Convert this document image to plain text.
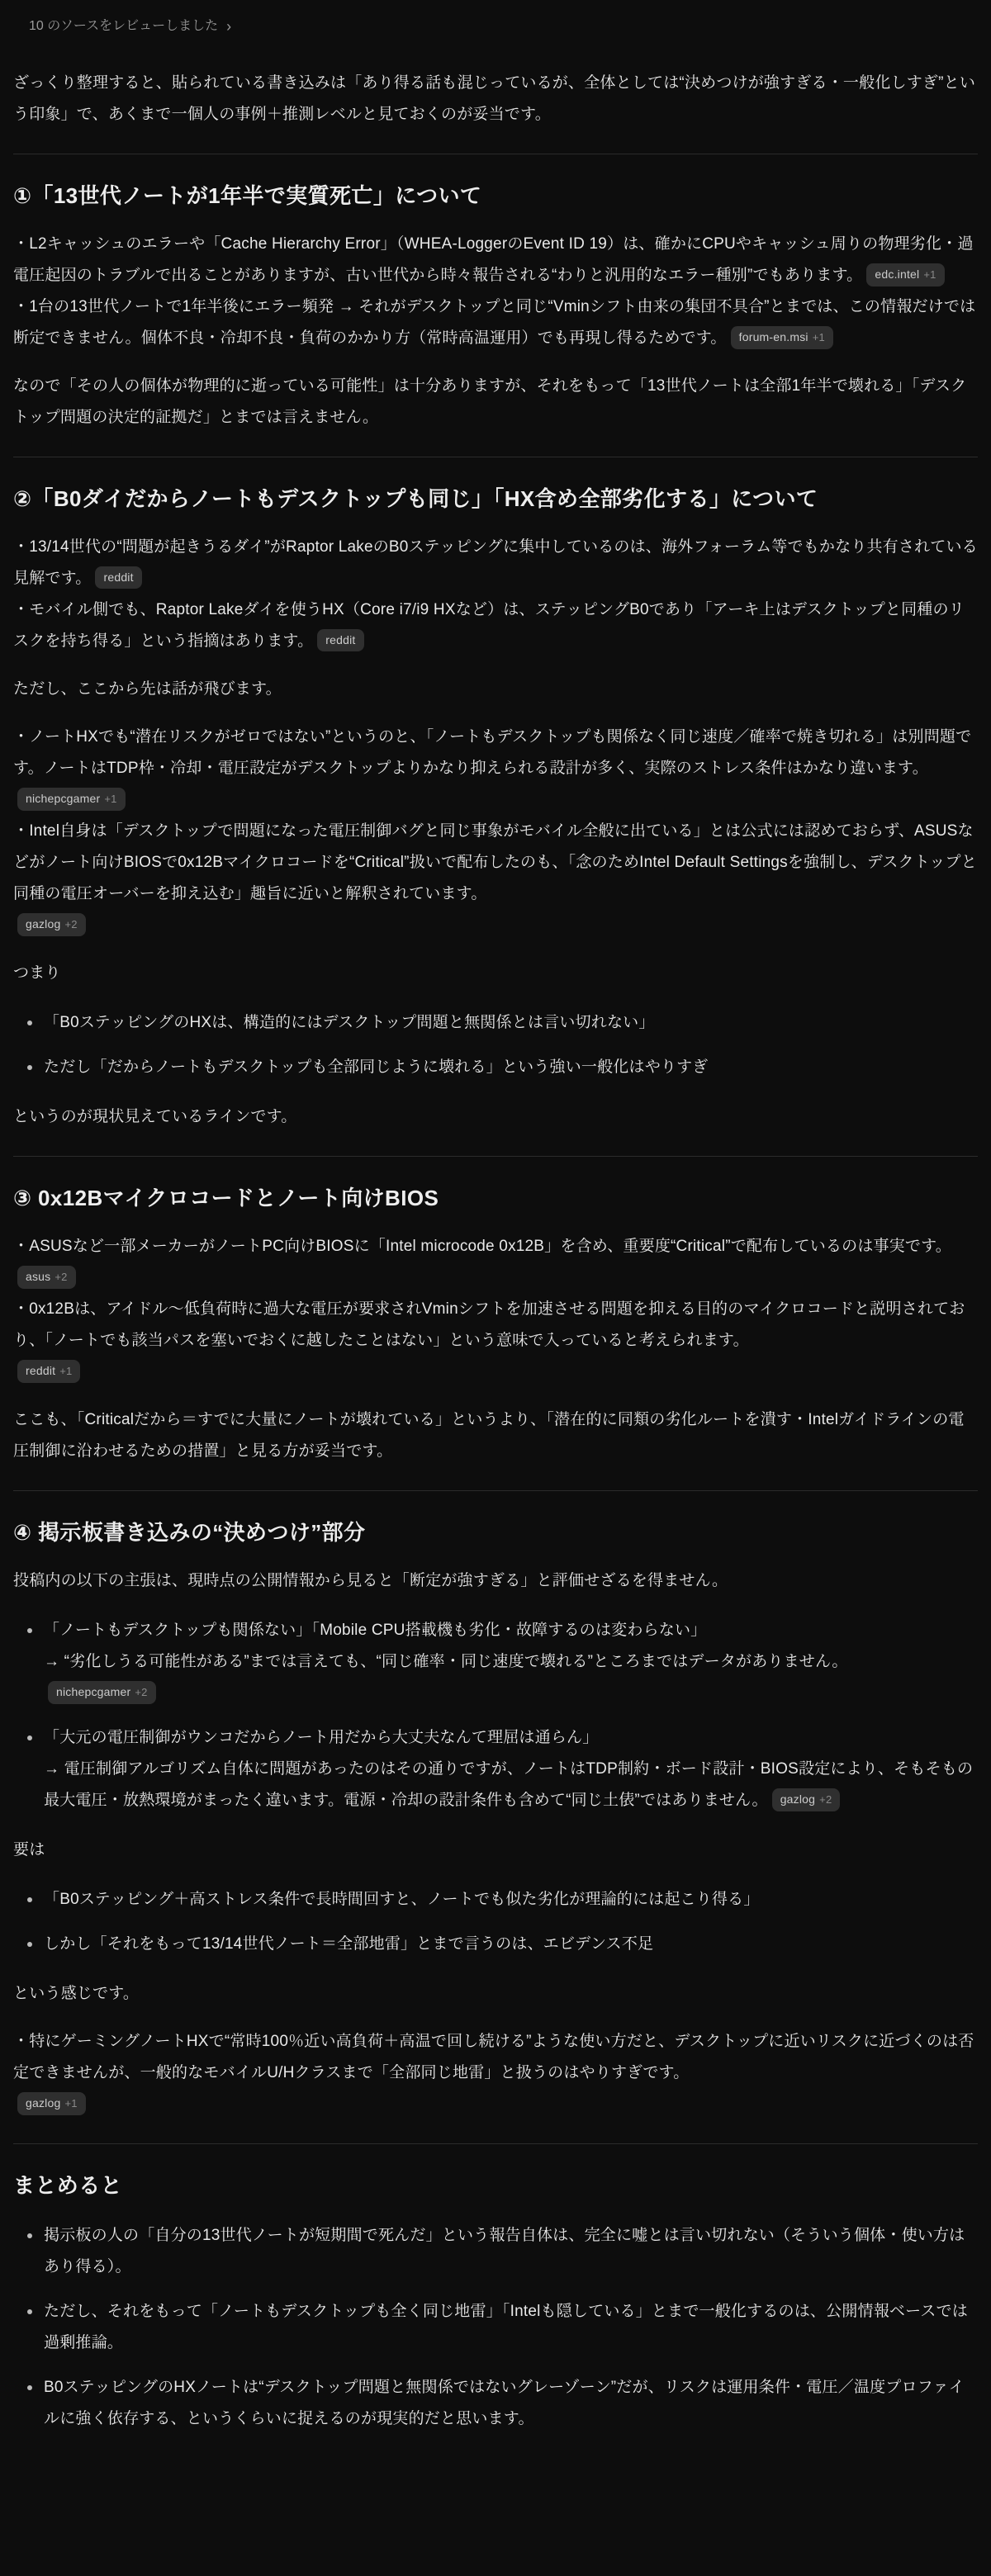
10 のソースをレビューしました ›

ざっくり整理すると、貼られている書き込みは「あり得る話も混じっているが、全体としては“決めつけが強すぎる・一般化しすぎ”という印象」で、あくまで一個人の事例＋推測レベルと見ておくのが妥当です。

①「13世代ノートが1年半で実質死亡」について

・L2キャッシュのエラーや「Cache Hierarchy Error」（WHEA-LoggerのEvent ID 19）は、確かにCPUやキャッシュ周りの物理劣化・過電圧起因のトラブルで出ることがありますが、古い世代から時々報告される“わりと汎用的なエラー種別”でもあります。 edc.intel +1
・1台の13世代ノートで1年半後にエラー頻発 → それがデスクトップと同じ“Vminシフト由来の集団不具合”とまでは、この情報だけでは断定できません。個体不良・冷却不良・負荷のかかり方（常時高温運用）でも再現し得るためです。 forum-en.msi +1

なので「その人の個体が物理的に逝っている可能性」は十分ありますが、それをもって「13世代ノートは全部1年半で壊れる」「デスクトップ問題の決定的証拠だ」とまでは言えません。

②「B0ダイだからノートもデスクトップも同じ」「HX含め全部劣化する」について

・13/14世代の“問題が起きうるダイ”がRaptor LakeのB0ステッピングに集中しているのは、海外フォーラム等でもかなり共有されている見解です。 reddit
・モバイル側でも、Raptor Lakeダイを使うHX（Core i7/i9 HXなど）は、ステッピングB0であり「アーキ上はデスクトップと同種のリスクを持ち得る」という指摘はあります。 reddit

ただし、ここから先は話が飛びます。

・ノートHXでも“潜在リスクがゼロではない”というのと、「ノートもデスクトップも関係なく同じ速度／確率で焼き切れる」は別問題です。ノートはTDP枠・冷却・電圧設定がデスクトップよりかなり抑えられる設計が多く、実際のストレス条件はかなり違います。nichepcgamer +1
・Intel自身は「デスクトップで問題になった電圧制御バグと同じ事象がモバイル全般に出ている」とは公式には認めておらず、ASUSなどがノート向けBIOSで0x12Bマイクロコードを“Critical”扱いで配布したのも、「念のためIntel Default Settingsを強制し、デスクトップと同種の電圧オーバーを抑え込む」趣旨に近いと解釈されています。
gazlog +2

つまり

「B0ステッピングのHXは、構造的にはデスクトップ問題と無関係とは言い切れない」
ただし「だからノートもデスクトップも全部同じように壊れる」という強い一般化はやりすぎ

というのが現状見えているラインです。

③ 0x12Bマイクロコードとノート向けBIOS

・ASUSなど一部メーカーがノートPC向けBIOSに「Intel microcode 0x12B」を含め、重要度“Critical”で配布しているのは事実です。asus +2
・0x12Bは、アイドル～低負荷時に過大な電圧が要求されVminシフトを加速させる問題を抑える目的のマイクロコードと説明されており、「ノートでも該当パスを塞いでおくに越したことはない」という意味で入っていると考えられます。
reddit +1

ここも、「Criticalだから＝すでに大量にノートが壊れている」というより、「潜在的に同類の劣化ルートを潰す・Intelガイドラインの電圧制御に沿わせるための措置」と見る方が妥当です。

④ 掲示板書き込みの“決めつけ”部分

投稿内の以下の主張は、現時点の公開情報から見ると「断定が強すぎる」と評価せざるを得ません。

「ノートもデスクトップも関係ない」「Mobile CPU搭載機も劣化・故障するのは変わらない」
→ “劣化しうる可能性がある”までは言えても、“同じ確率・同じ速度で壊れる”ところまではデータがありません。
nichepcgamer +2
「大元の電圧制御がウンコだからノート用だから大丈夫なんて理屈は通らん」
→ 電圧制御アルゴリズム自体に問題があったのはその通りですが、ノートはTDP制約・ボード設計・BIOS設定により、そもそもの最大電圧・放熱環境がまったく違います。電源・冷却の設計条件も含めて“同じ土俵”ではありません。 gazlog +2

要は

「B0ステッピング＋高ストレス条件で長時間回すと、ノートでも似た劣化が理論的には起こり得る」
しかし「それをもって13/14世代ノート＝全部地雷」とまで言うのは、エビデンス不足

という感じです。

・特にゲーミングノートHXで“常時100％近い高負荷＋高温で回し続ける”ような使い方だと、デスクトップに近いリスクに近づくのは否定できませんが、一般的なモバイルU/Hクラスまで「全部同じ地雷」と扱うのはやりすぎです。
gazlog +1

まとめると
掲示板の人の「自分の13世代ノートが短期間で死んだ」という報告自体は、完全に嘘とは言い切れない（そういう個体・使い方はあり得る）。
ただし、それをもって「ノートもデスクトップも全く同じ地雷」「Intelも隠している」とまで一般化するのは、公開情報ベースでは過剰推論。
B0ステッピングのHXノートは“デスクトップ問題と無関係ではないグレーゾーン”だが、リスクは運用条件・電圧／温度プロファイルに強く依存する、というくらいに捉えるのが現実的だと思います。
